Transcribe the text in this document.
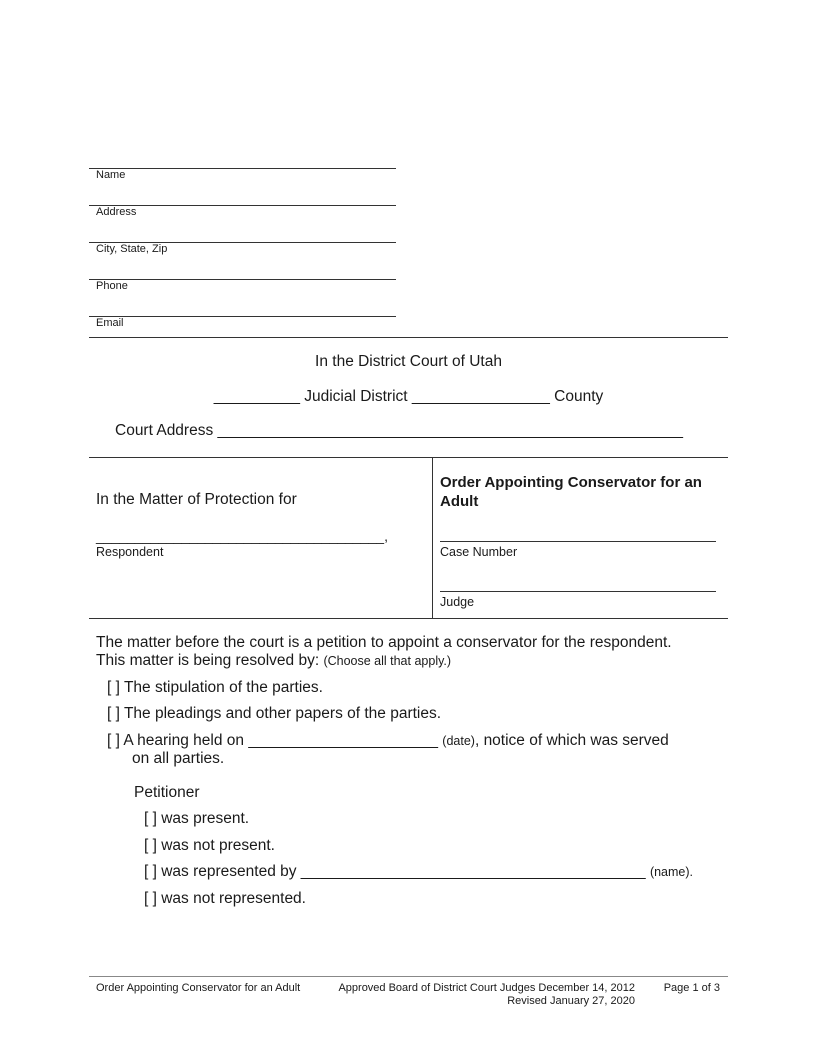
Name
Address
City, State, Zip
Phone
Email
In the District Court of Utah
__________ Judicial District ________________ County
Court Address ______________________________________________________
In the Matter of Protection for
_____________________________________,
Respondent
Order Appointing Conservator for an Adult
Case Number
Judge
The matter before the court is a petition to appoint a conservator for the respondent.
This matter is being resolved by: (Choose all that apply.)
[ ] The stipulation of the parties.
[ ] The pleadings and other papers of the parties.
[ ] A hearing held on ______________________ (date), notice of which was served
on all parties.
Petitioner
[ ] was present.
[ ] was not present.
[ ] was represented by ________________________________________ (name).
[ ] was not represented.
Order Appointing Conservator for an Adult	Approved Board of District Court Judges December 14, 2012
Revised January 27, 2020
Page 1 of 3
